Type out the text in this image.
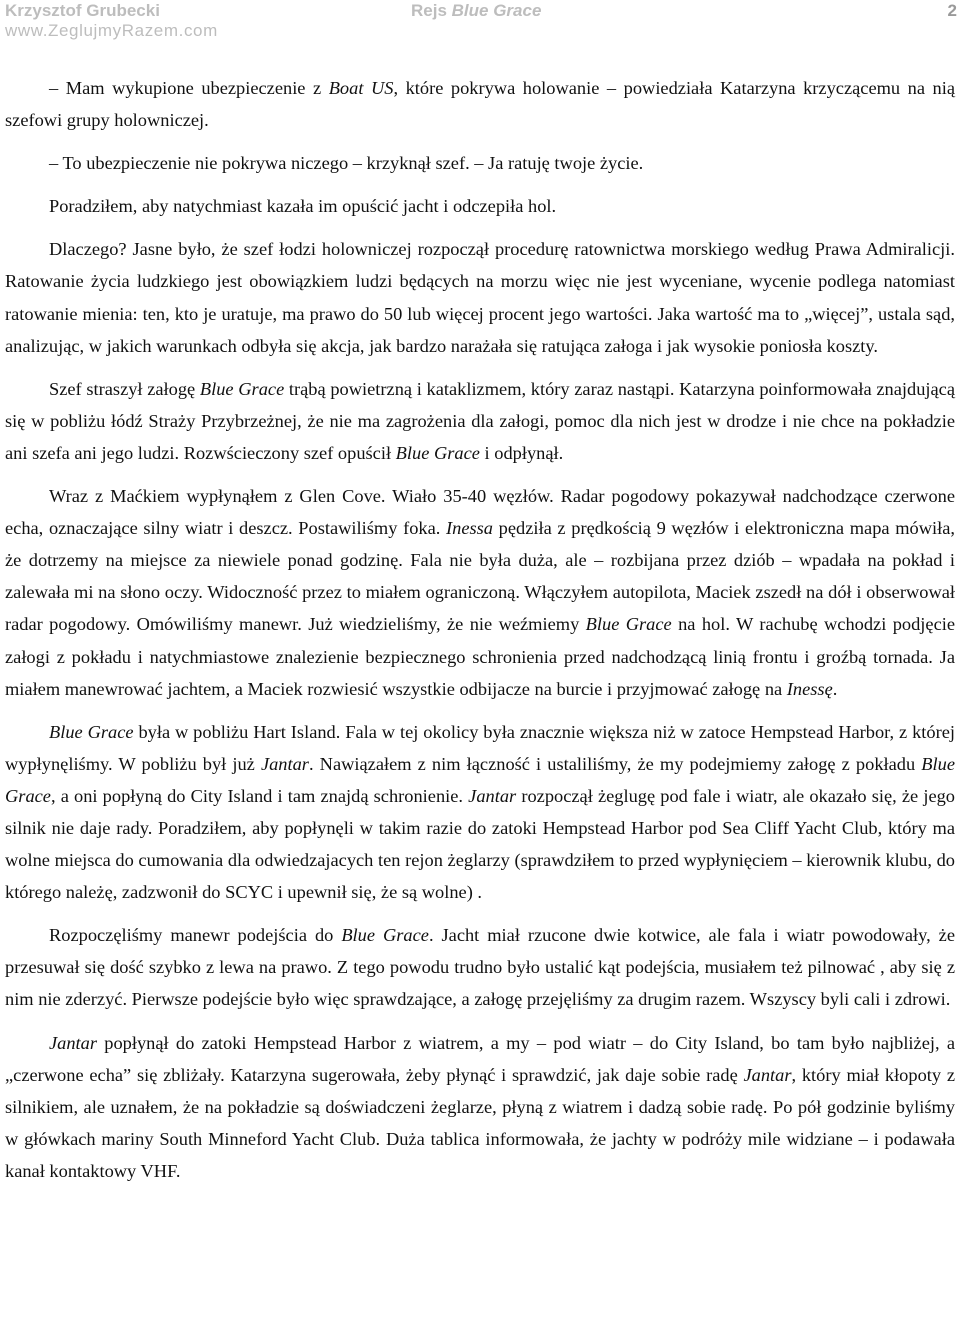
Krzysztof Grubecki
www.ZeglujmyRazem.com
Rejs Blue Grace	2

– Mam wykupione ubezpieczenie z Boat US, które pokrywa holowanie – powiedziała Katarzyna krzyczącemu na nią szefowi grupy holowniczej.

– To ubezpieczenie nie pokrywa niczego – krzyknął szef. – Ja ratuję twoje życie.

Poradziłem, aby natychmiast kazała im opuścić jacht i odczepiła hol.

Dlaczego? Jasne było, że szef łodzi holowniczej rozpoczął procedurę ratownictwa morskiego według Prawa Admiralicji. Ratowanie życia ludzkiego jest obowiązkiem ludzi będących na morzu więc nie jest wyceniane, wycenie podlega natomiast ratowanie mienia: ten, kto je uratuje, ma prawo do 50 lub więcej procent jego wartości. Jaka wartość ma to „więcej”, ustala sąd, analizując, w jakich warunkach odbyła się akcja, jak bardzo narażała się ratująca załoga i jak wysokie poniosła koszty.

Szef straszył załogę Blue Grace trąbą powietrzną i kataklizmem, który zaraz nastąpi. Katarzyna poinformowała znajdującą się w pobliżu łódź Straży Przybrzeżnej, że nie ma zagrożenia dla załogi, pomoc dla nich jest w drodze i nie chce na pokładzie ani szefa ani jego ludzi. Rozwścieczony szef opuścił Blue Grace i odpłynął.

Wraz z Maćkiem wypłynąłem z Glen Cove. Wiało 35-40 węzłów. Radar pogodowy pokazywał nadchodzące czerwone echa, oznaczające silny wiatr i deszcz. Postawiliśmy foka. Inessa pędziła z prędkością 9 węzłów i elektroniczna mapa mówiła, że dotrzemy na miejsce za niewiele ponad godzinę. Fala nie była duża, ale – rozbijana przez dziób – wpadała na pokład i zalewała mi na słono oczy. Widoczność przez to miałem ograniczoną. Włączyłem autopilota, Maciek zszedł na dół i obserwował radar pogodowy. Omówiliśmy manewr. Już wiedzieliśmy, że nie weźmiemy Blue Grace na hol. W rachubę wchodzi podjęcie załogi z pokładu i natychmiastowe znalezienie bezpiecznego schronienia przed nadchodzącą linią frontu i groźbą tornada. Ja miałem manewrować jachtem, a Maciek rozwiesić wszystkie odbijacze na burcie i przyjmować załogę na Inessę.

Blue Grace była w pobliżu Hart Island. Fala w tej okolicy była znacznie większa niż w zatoce Hempstead Harbor, z której wypłynęliśmy. W pobliżu był już Jantar. Nawiązałem z nim łączność i ustaliliśmy, że my podejmiemy załogę z pokładu Blue Grace, a oni popłyną do City Island i tam znajdą schronienie. Jantar rozpoczął żeglugę pod fale i wiatr, ale okazało się, że jego silnik nie daje rady. Poradziłem, aby popłynęli w takim razie do zatoki Hempstead Harbor pod Sea Cliff Yacht Club, który ma wolne miejsca do cumowania dla odwiedzajacych ten rejon żeglarzy (sprawdziłem to przed wypłynięciem – kierownik klubu, do którego należę, zadzwonił do SCYC i upewnił się, że są wolne) .

Rozpoczęliśmy manewr podejścia do Blue Grace. Jacht miał rzucone dwie kotwice, ale fala i wiatr powodowały, że przesuwał się dość szybko z lewa na prawo. Z tego powodu trudno było ustalić kąt podejścia, musiałem też pilnować , aby się z nim nie zderzyć. Pierwsze podejście było więc sprawdzające, a załogę przejęliśmy za drugim razem. Wszyscy byli cali i zdrowi.

Jantar popłynął do zatoki Hempstead Harbor z wiatrem, a my – pod wiatr – do City Island, bo tam było najbliżej, a „czerwone echa” się zbliżały. Katarzyna sugerowała, żeby płynąć i sprawdzić, jak daje sobie radę Jantar, który miał kłopoty z silnikiem, ale uznałem, że na pokładzie są doświadczeni żeglarze, płyną z wiatrem i dadzą sobie radę. Po pół godzinie byliśmy w główkach mariny South Minneford Yacht Club. Duża tablica informowała, że jachty w podróży mile widziane – i podawała kanał kontaktowy VHF.
